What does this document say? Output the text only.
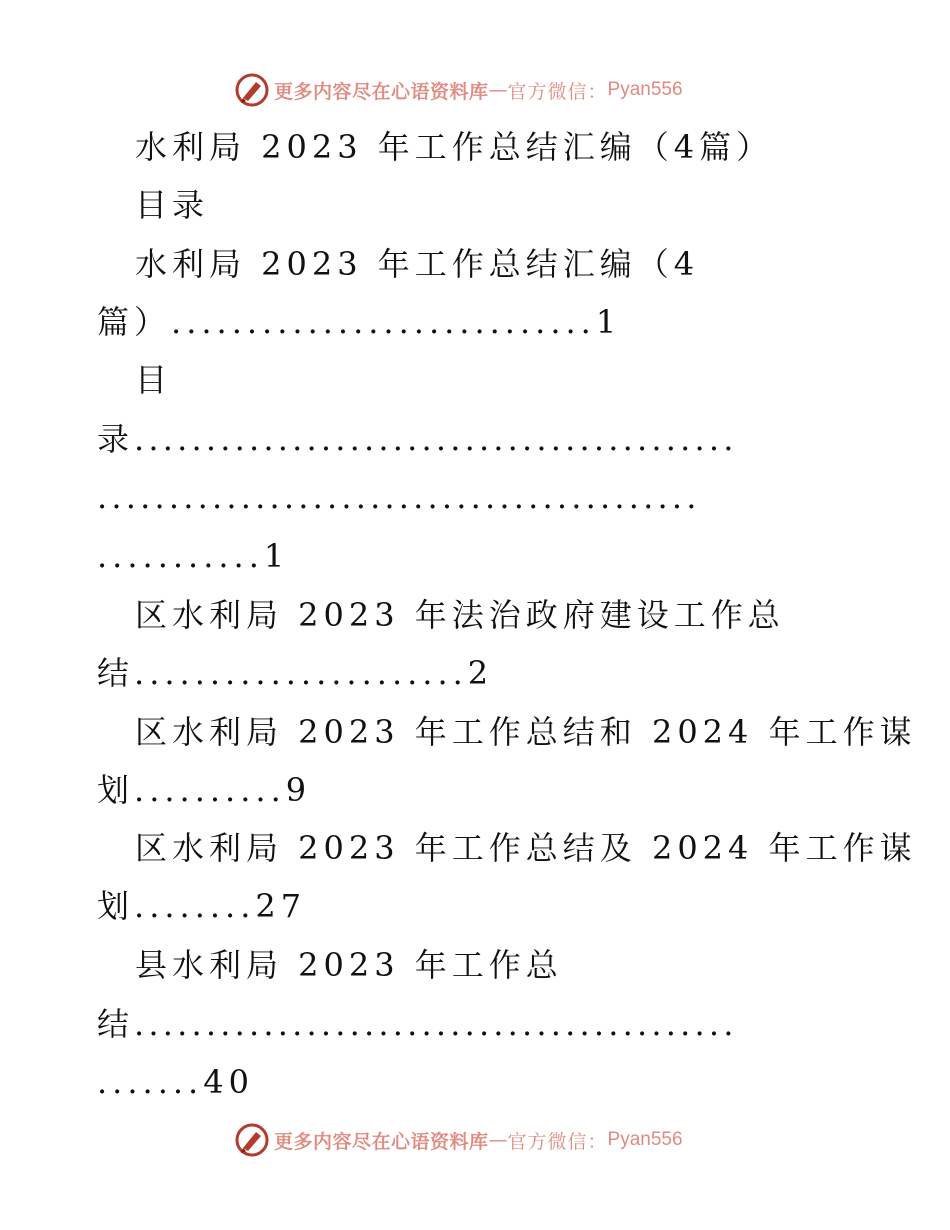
更多内容尽在心语资料库 — 官方微信： Pyan556
水利局 2023 年工作总结汇编（4篇）
目录
水利局 2023 年工作总结汇编（4
篇）............................1
目
录..........................................
..........................................
...........1
区水利局 2023 年法治政府建设工作总
结......................2
区水利局 2023 年工作总结和 2024 年工作谋
划..........9
区水利局 2023 年工作总结及 2024 年工作谋
划........27
县水利局 2023 年工作总
结..........................................
.......40
更多内容尽在心语资料库 — 官方微信： Pyan556
